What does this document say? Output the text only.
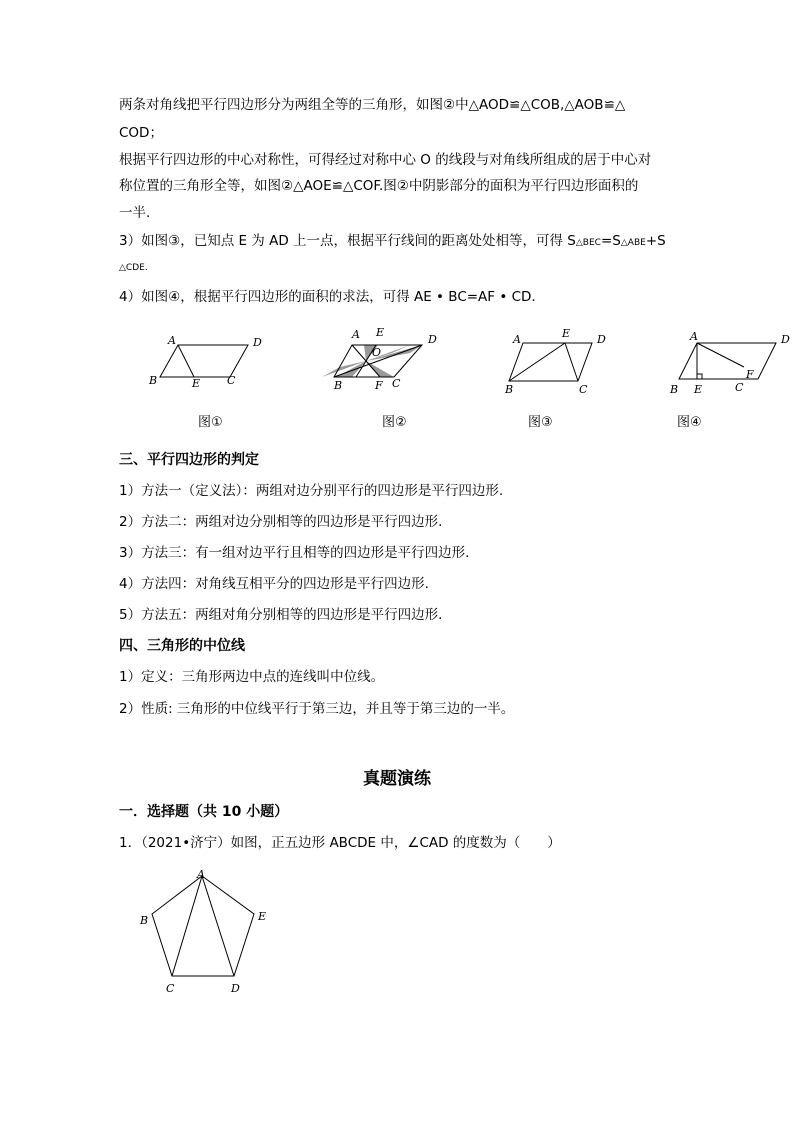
两条对角线把平行四边形分为两组全等的三角形，如图②中△AOD≌△COB,△AOB≌△
COD；
根据平行四边形的中心对称性，可得经过对称中心 O 的线段与对角线所组成的居于中心对
称位置的三角形全等，如图②△AOE≌△COF.图②中阴影部分的面积为平行四边形面积的
一半.
3）如图③，已知点 E 为 AD 上一点，根据平行线间的距离处处相等，可得 S△BEC=S△ABE+S
△CDE.
4）如图④，根据平行四边形的面积的求法，可得 AE • BC=AF • CD.
A	D
B	E C
A E
D
O
B	F C
A	E D
B	C
A	D
B E	C
F
图①	图②	图③	图④
三、平行四边形的判定
1）方法一（定义法）：两组对边分别平行的四边形是平行四边形.
2）方法二：两组对边分别相等的四边形是平行四边形.
3）方法三：有一组对边平行且相等的四边形是平行四边形.
4）方法四：对角线互相平分的四边形是平行四边形.
5）方法五：两组对角分别相等的四边形是平行四边形.
四、三角形的中位线
1）定义：三角形两边中点的连线叫中位线。
2）性质: 三角形的中位线平行于第三边，并且等于第三边的一半。
真题演练
一．选择题（共 10 小题）
1．（2021•济宁）如图，正五边形 ABCDE 中，∠CAD 的度数为（　　）
A
B	E
C	D
